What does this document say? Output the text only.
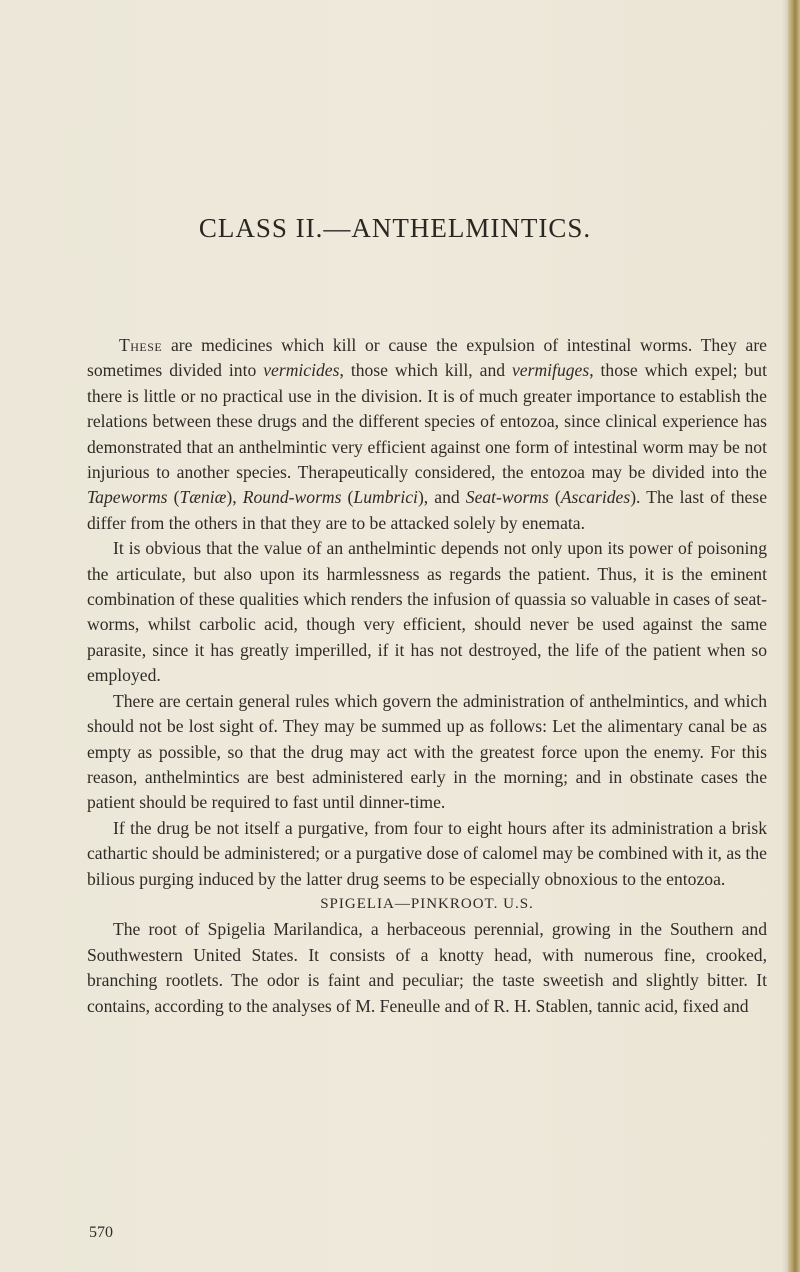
CLASS II.—ANTHELMINTICS.

These are medicines which kill or cause the expulsion of intestinal worms. They are sometimes divided into vermicides, those which kill, and vermifuges, those which expel; but there is little or no practical use in the division. It is of much greater importance to establish the relations between these drugs and the different species of entozoa, since clinical experience has demonstrated that an anthelmintic very efficient against one form of intestinal worm may be not injurious to another species. Therapeutically considered, the entozoa may be divided into the Tapeworms (Tæniæ), Round-worms (Lumbrici), and Seat-worms (Ascarides). The last of these differ from the others in that they are to be attacked solely by enemata.

It is obvious that the value of an anthelmintic depends not only upon its power of poisoning the articulate, but also upon its harmlessness as regards the patient. Thus, it is the eminent combination of these qualities which renders the infusion of quassia so valuable in cases of seat-worms, whilst carbolic acid, though very efficient, should never be used against the same parasite, since it has greatly imperilled, if it has not destroyed, the life of the patient when so employed.

There are certain general rules which govern the administration of anthelmintics, and which should not be lost sight of. They may be summed up as follows: Let the alimentary canal be as empty as possible, so that the drug may act with the greatest force upon the enemy. For this reason, anthelmintics are best administered early in the morning; and in obstinate cases the patient should be required to fast until dinner-time.

If the drug be not itself a purgative, from four to eight hours after its administration a brisk cathartic should be administered; or a purgative dose of calomel may be combined with it, as the bilious purging induced by the latter drug seems to be especially obnoxious to the entozoa.

SPIGELIA—PINKROOT. U.S.

The root of Spigelia Marilandica, a herbaceous perennial, growing in the Southern and Southwestern United States. It consists of a knotty head, with numerous fine, crooked, branching rootlets. The odor is faint and peculiar; the taste sweetish and slightly bitter. It contains, according to the analyses of M. Feneulle and of R. H. Stablen, tannic acid, fixed and

570
